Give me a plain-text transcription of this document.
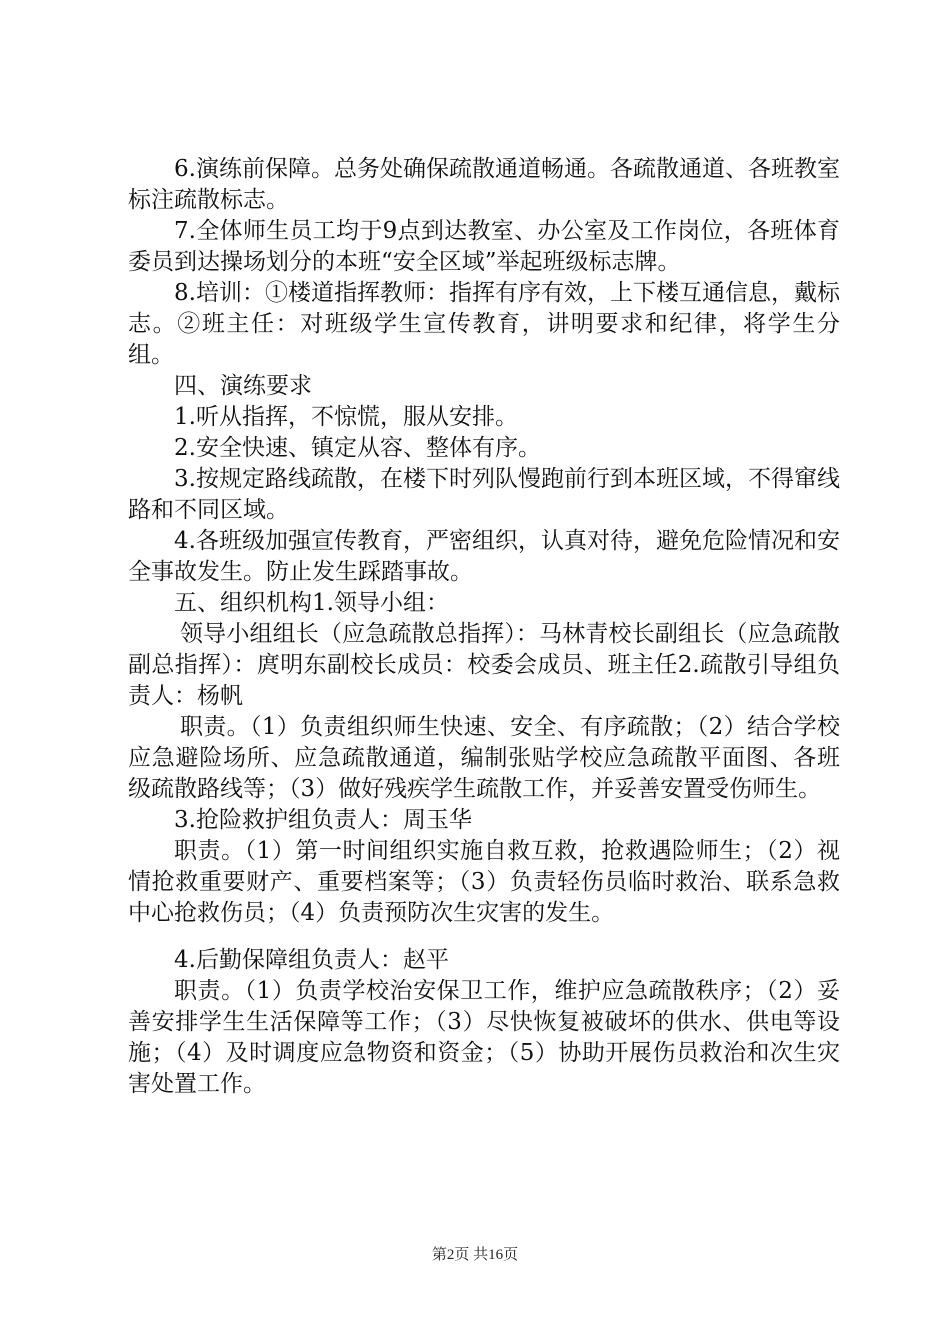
6.演练前保障。总务处确保疏散通道畅通。各疏散通道、各班教室标注疏散标志。

7.全体师生员工均于9点到达教室、办公室及工作岗位，各班体育委员到达操场划分的本班“安全区域”举起班级标志牌。

8.培训：①楼道指挥教师：指挥有序有效，上下楼互通信息，戴标志。②班主任：对班级学生宣传教育，讲明要求和纪律，将学生分组。

四、演练要求

1.听从指挥，不惊慌，服从安排。

2.安全快速、镇定从容、整体有序。

3.按规定路线疏散，在楼下时列队慢跑前行到本班区域，不得窜线路和不同区域。

4.各班级加强宣传教育，严密组织，认真对待，避免危险情况和安全事故发生。防止发生踩踏事故。

五、组织机构1.领导小组：

领导小组组长（应急疏散总指挥）：马林青校长副组长（应急疏散副总指挥）：庹明东副校长成员：校委会成员、班主任2.疏散引导组负责人：杨帆

职责。（1）负责组织师生快速、安全、有序疏散；（2）结合学校应急避险场所、应急疏散通道，编制张贴学校应急疏散平面图、各班级疏散路线等；（3）做好残疾学生疏散工作，并妥善安置受伤师生。

3.抢险救护组负责人：周玉华

职责。（1）第一时间组织实施自救互救，抢救遇险师生；（2）视情抢救重要财产、重要档案等；（3）负责轻伤员临时救治、联系急救中心抢救伤员；（4）负责预防次生灾害的发生。

4.后勤保障组负责人：赵平

职责。（1）负责学校治安保卫工作，维护应急疏散秩序；（2）妥善安排学生生活保障等工作；（3）尽快恢复被破坏的供水、供电等设施；（4）及时调度应急物资和资金；（5）协助开展伤员救治和次生灾害处置工作。

第2页 共16页
